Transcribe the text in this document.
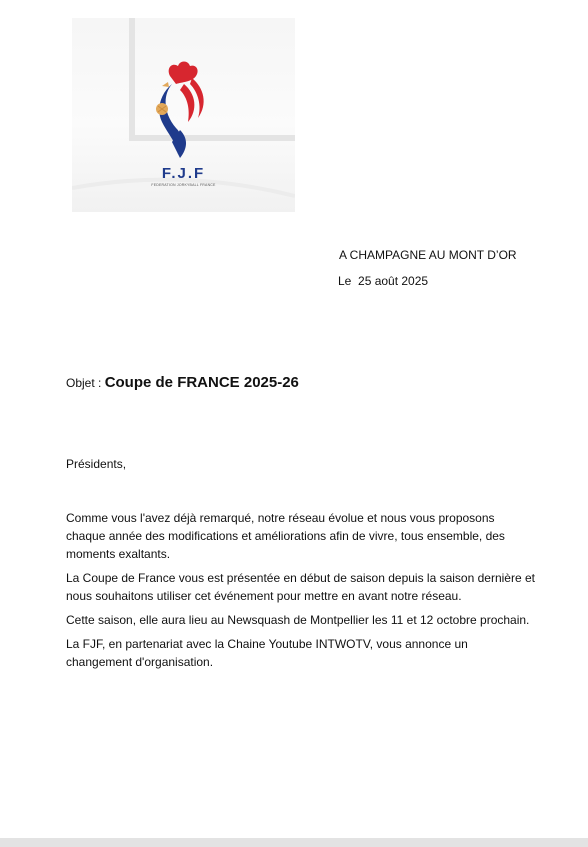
F.J.F
FEDERATION JORKYBALL FRANCE
A CHAMPAGNE AU MONT D’OR
Le  25 août 2025
Objet : Coupe de FRANCE 2025-26
Présidents,

Comme vous l'avez déjà remarqué, notre réseau évolue et nous vous proposons chaque année des modifications et améliorations afin de vivre, tous ensemble, des moments exaltants.

La Coupe de France vous est présentée en début de saison depuis la saison dernière et nous souhaitons utiliser cet événement pour mettre en avant notre réseau.

Cette saison, elle aura lieu au Newsquash de Montpellier les 11 et 12 octobre prochain.

La FJF, en partenariat avec la Chaine Youtube INTWOTV, vous annonce un changement d'organisation.
